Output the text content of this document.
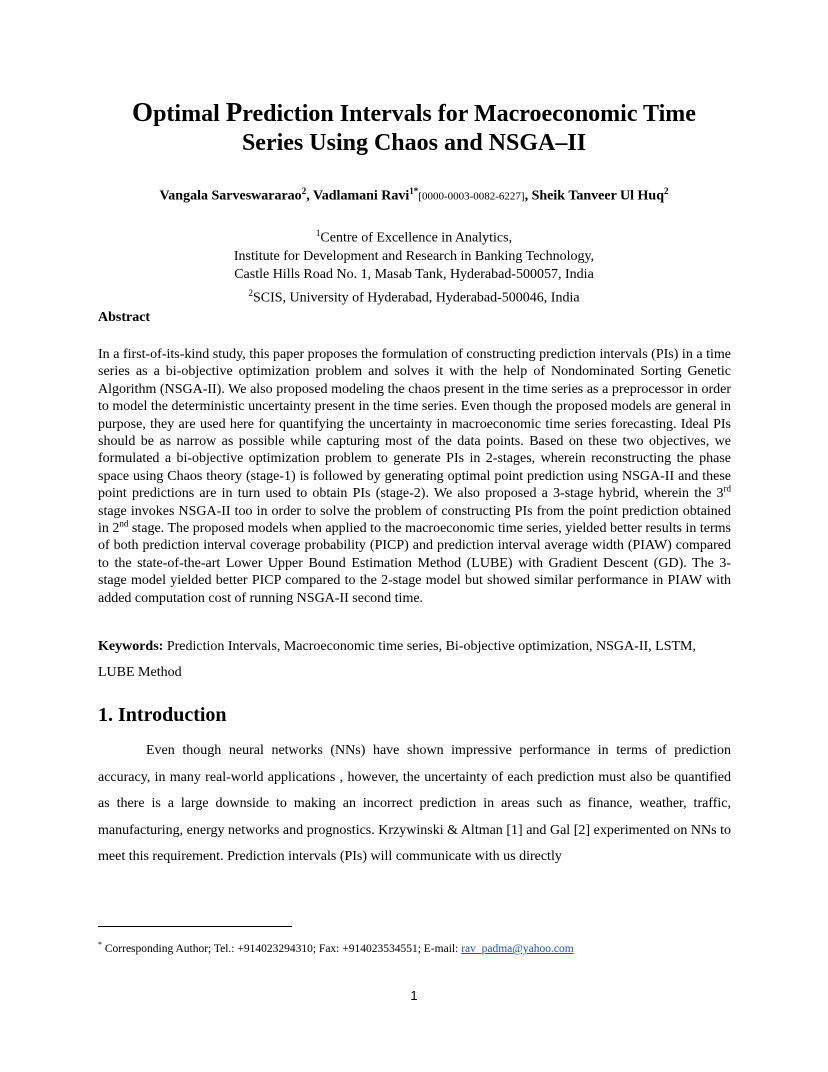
Optimal Prediction Intervals for Macroeconomic Time
Series Using Chaos and NSGA–II
Vangala Sarveswararao$^2$, Vadlamani Ravi$^{1*}$[0000-0003-0082-6227], Sheik Tanveer Ul Huq$^2$
$^1$Centre of Excellence in Analytics,
Institute for Development and Research in Banking Technology,
Castle Hills Road No. 1, Masab Tank, Hyderabad-500057, India
$^2$SCIS, University of Hyderabad, Hyderabad-500046, India
Abstract
In a first-of-its-kind study, this paper proposes the formulation of constructing prediction intervals (PIs) in a time series as a bi-objective optimization problem and solves it with the help of Nondominated Sorting Genetic Algorithm (NSGA-II). We also proposed modeling the chaos present in the time series as a preprocessor in order to model the deterministic uncertainty present in the time series. Even though the proposed models are general in purpose, they are used here for quantifying the uncertainty in macroeconomic time series forecasting. Ideal PIs should be as narrow as possible while capturing most of the data points. Based on these two objectives, we formulated a bi-objective optimization problem to generate PIs in 2-stages, wherein reconstructing the phase space using Chaos theory (stage-1) is followed by generating optimal point prediction using NSGA-II and these point predictions are in turn used to obtain PIs (stage-2). We also proposed a 3-stage hybrid, wherein the 3rd stage invokes NSGA-II too in order to solve the problem of constructing PIs from the point prediction obtained in 2nd stage. The proposed models when applied to the macroeconomic time series, yielded better results in terms of both prediction interval coverage probability (PICP) and prediction interval average width (PIAW) compared to the state-of-the-art Lower Upper Bound Estimation Method (LUBE) with Gradient Descent (GD). The 3-stage model yielded better PICP compared to the 2-stage model but showed similar performance in PIAW with added computation cost of running NSGA-II second time.
Keywords: Prediction Intervals, Macroeconomic time series, Bi-objective optimization, NSGA-II, LSTM, LUBE Method
1. Introduction
Even though neural networks (NNs) have shown impressive performance in terms of prediction accuracy, in many real-world applications , however, the uncertainty of each prediction must also be quantified as there is a large downside to making an incorrect prediction in areas such as finance, weather, traffic, manufacturing, energy networks and prognostics. Krzywinski & Altman [1] and Gal [2] experimented on NNs to meet this requirement. Prediction intervals (PIs) will communicate with us directly
* Corresponding Author; Tel.: +914023294310; Fax: +914023534551; E-mail: rav_padma@yahoo.com
1
